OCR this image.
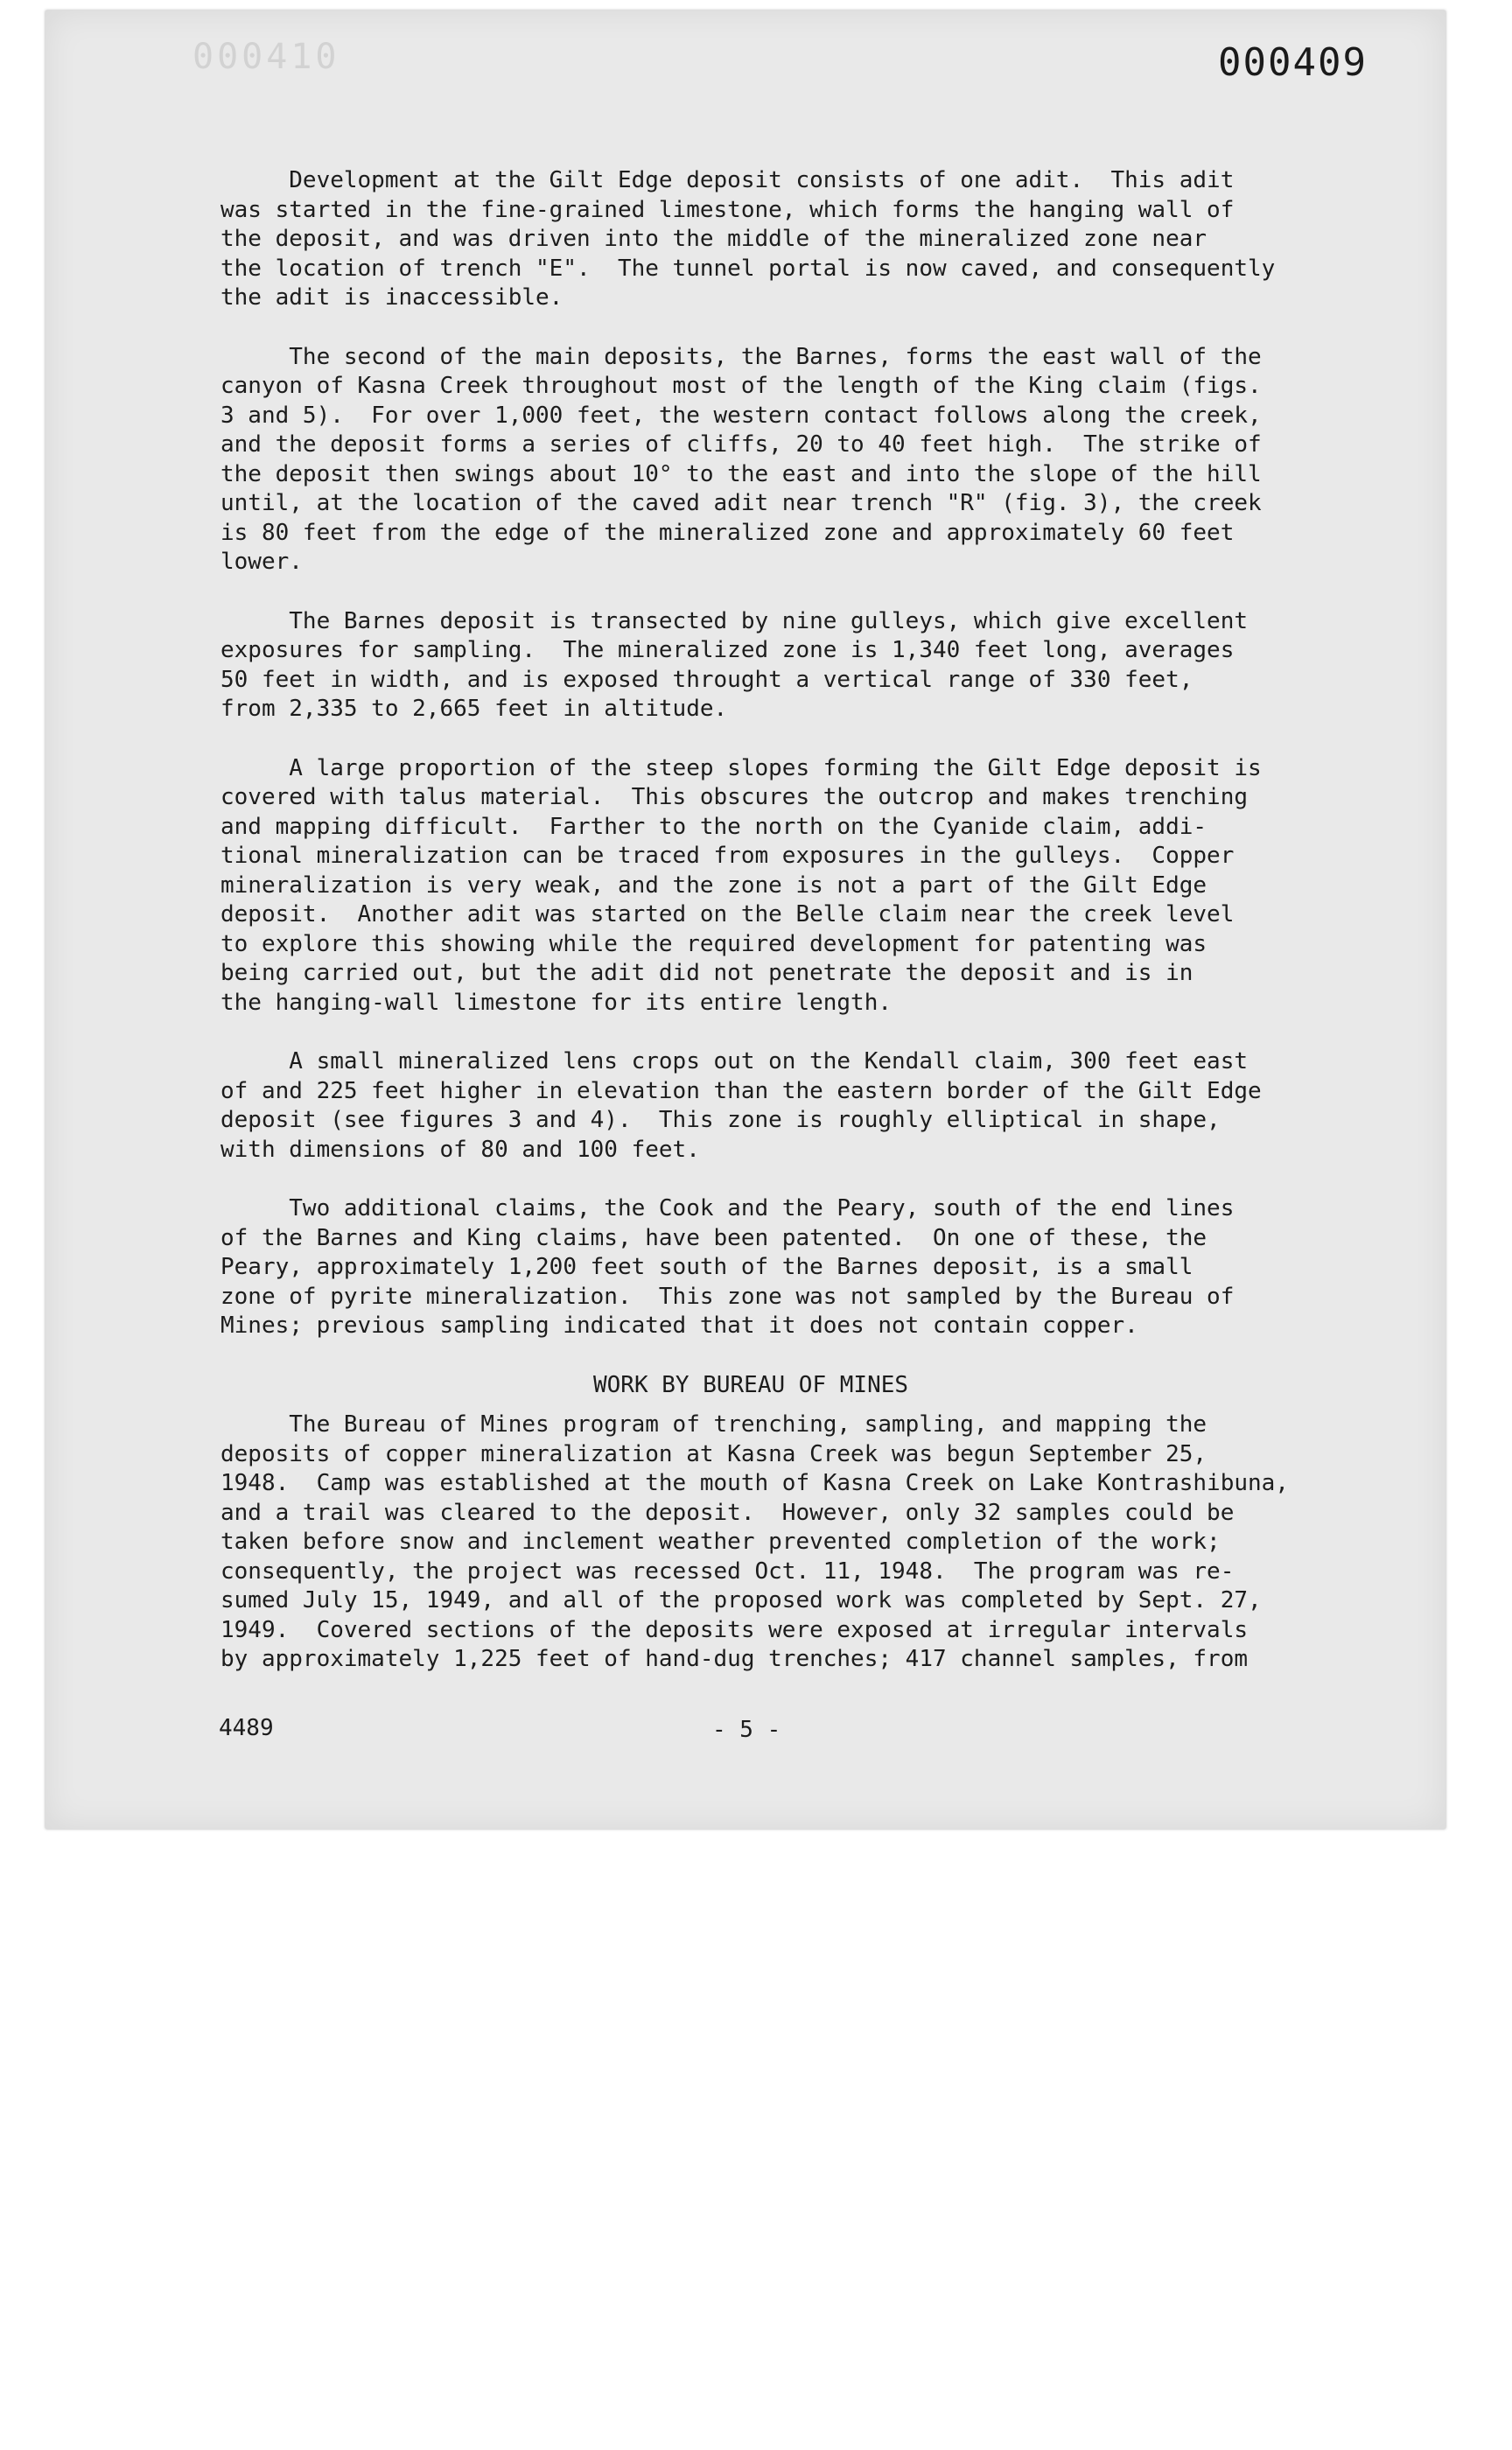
000410	000409
Development at the Gilt Edge deposit consists of one adit.  This adit
was started in the fine-grained limestone, which forms the hanging wall of
the deposit, and was driven into the middle of the mineralized zone near
the location of trench "E".  The tunnel portal is now caved, and consequently
the adit is inaccessible.
The second of the main deposits, the Barnes, forms the east wall of the
canyon of Kasna Creek throughout most of the length of the King claim (figs.
3 and 5).  For over 1,000 feet, the western contact follows along the creek,
and the deposit forms a series of cliffs, 20 to 40 feet high.  The strike of
the deposit then swings about 10° to the east and into the slope of the hill
until, at the location of the caved adit near trench "R" (fig. 3), the creek
is 80 feet from the edge of the mineralized zone and approximately 60 feet
lower.
The Barnes deposit is transected by nine gulleys, which give excellent
exposures for sampling.  The mineralized zone is 1,340 feet long, averages
50 feet in width, and is exposed throught a vertical range of 330 feet,
from 2,335 to 2,665 feet in altitude.
A large proportion of the steep slopes forming the Gilt Edge deposit is
covered with talus material.  This obscures the outcrop and makes trenching
and mapping difficult.  Farther to the north on the Cyanide claim, addi-
tional mineralization can be traced from exposures in the gulleys.  Copper
mineralization is very weak, and the zone is not a part of the Gilt Edge
deposit.  Another adit was started on the Belle claim near the creek level
to explore this showing while the required development for patenting was
being carried out, but the adit did not penetrate the deposit and is in
the hanging-wall limestone for its entire length.
A small mineralized lens crops out on the Kendall claim, 300 feet east
of and 225 feet higher in elevation than the eastern border of the Gilt Edge
deposit (see figures 3 and 4).  This zone is roughly elliptical in shape,
with dimensions of 80 and 100 feet.
Two additional claims, the Cook and the Peary, south of the end lines
of the Barnes and King claims, have been patented.  On one of these, the
Peary, approximately 1,200 feet south of the Barnes deposit, is a small
zone of pyrite mineralization.  This zone was not sampled by the Bureau of
Mines; previous sampling indicated that it does not contain copper.
WORK BY BUREAU OF MINES
The Bureau of Mines program of trenching, sampling, and mapping the
deposits of copper mineralization at Kasna Creek was begun September 25,
1948.  Camp was established at the mouth of Kasna Creek on Lake Kontrashibuna,
and a trail was cleared to the deposit.  However, only 32 samples could be
taken before snow and inclement weather prevented completion of the work;
consequently, the project was recessed Oct. 11, 1948.  The program was re-
sumed July 15, 1949, and all of the proposed work was completed by Sept. 27,
1949.  Covered sections of the deposits were exposed at irregular intervals
by approximately 1,225 feet of hand-dug trenches; 417 channel samples, from
4489	- 5 -
